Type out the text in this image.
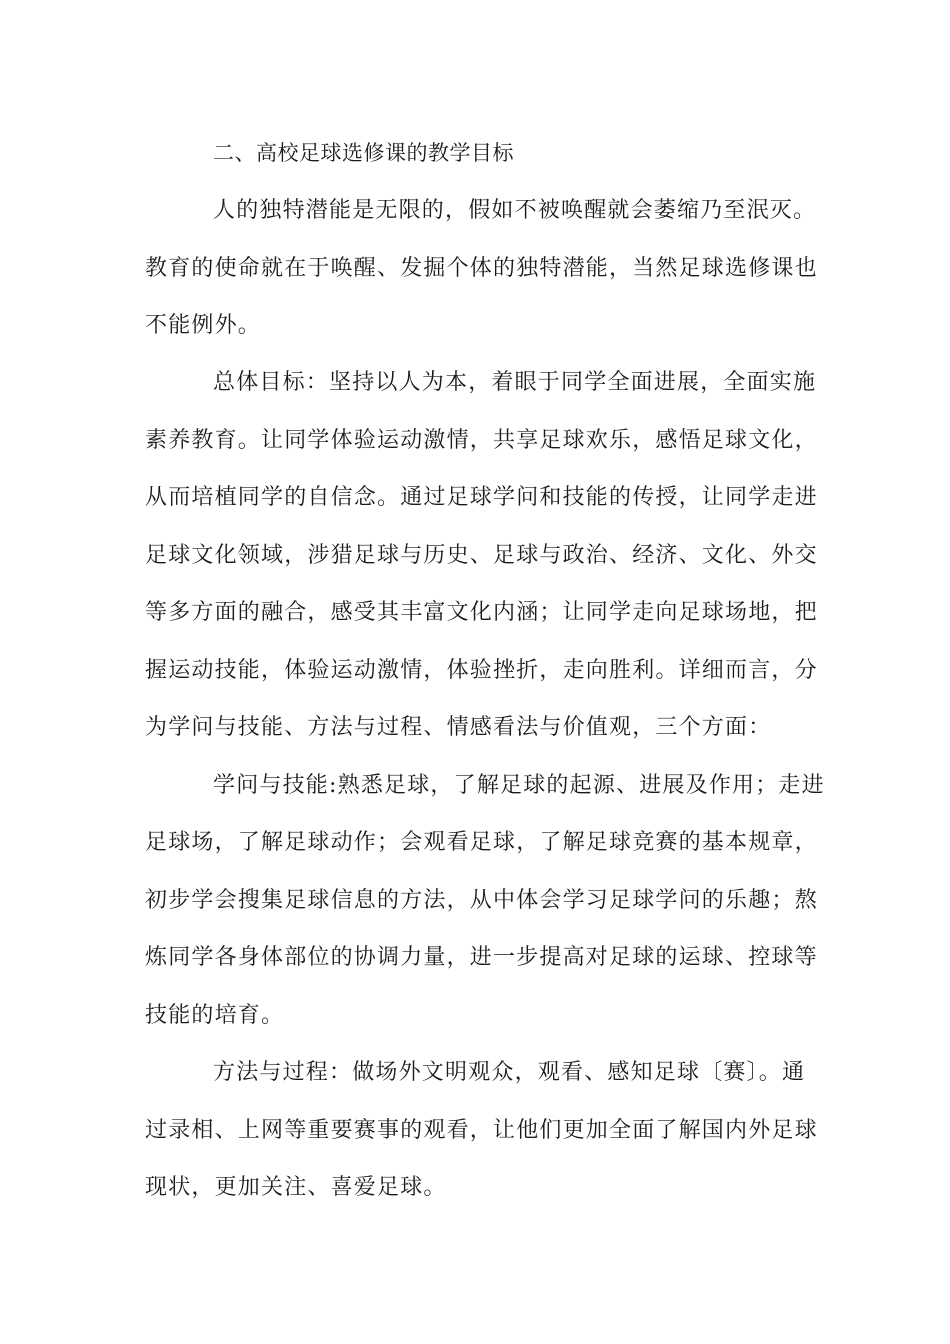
二、高校足球选修课的教学目标
人的独特潜能是无限的，假如不被唤醒就会萎缩乃至泯灭。
教育的使命就在于唤醒、发掘个体的独特潜能，当然足球选修课也
不能例外。
总体目标：坚持以人为本，着眼于同学全面进展，全面实施
素养教育。让同学体验运动激情，共享足球欢乐，感悟足球文化，
从而培植同学的自信念。通过足球学问和技能的传授，让同学走进
足球文化领域，涉猎足球与历史、足球与政治、经济、文化、外交
等多方面的融合，感受其丰富文化内涵；让同学走向足球场地，把
握运动技能，体验运动激情，体验挫折，走向胜利。详细而言，分
为学问与技能、方法与过程、情感看法与价值观，三个方面：
学问与技能:熟悉足球，了解足球的起源、进展及作用；走进
足球场，了解足球动作；会观看足球，了解足球竞赛的基本规章，
初步学会搜集足球信息的方法，从中体会学习足球学问的乐趣；熬
炼同学各身体部位的协调力量，进一步提高对足球的运球、控球等
技能的培育。
方法与过程：做场外文明观众，观看、感知足球〔赛〕。通
过录相、上网等重要赛事的观看，让他们更加全面了解国内外足球
现状，更加关注、喜爱足球。
